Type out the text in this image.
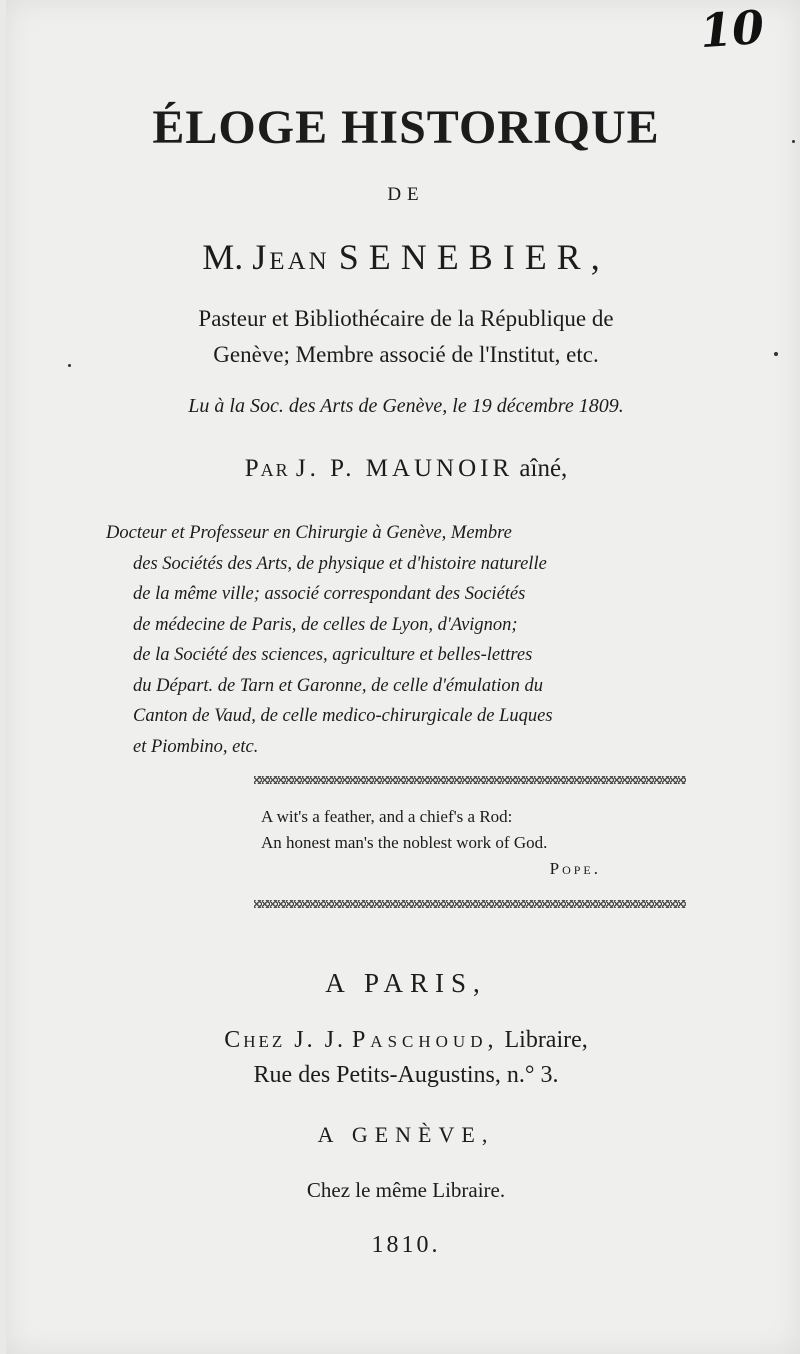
10
ÉLOGE HISTORIQUE
DE
M. Jean SENEBIER,
Pasteur et Bibliothécaire de la République de
Genève; Membre associé de l'Institut, etc.
Lu à la Soc. des Arts de Genève, le 19 décembre 1809.
Par J. P. MAUNOIR aîné,
Docteur et Professeur en Chirurgie à Genève, Membre
des Sociétés des Arts, de physique et d'histoire naturelle
de la même ville; associé correspondant des Sociétés
de médecine de Paris, de celles de Lyon, d'Avignon;
de la Société des sciences, agriculture et belles-lettres
du Départ. de Tarn et Garonne, de celle d'émulation du
Canton de Vaud, de celle medico-chirurgicale de Luques
et Piombino, etc.
A wit's a feather, and a chief's a Rod:
An honest man's the noblest work of God.
Pope.
A PARIS,
Chez J. J. Paschoud, Libraire,
Rue des Petits-Augustins, n.° 3.
A GENÈVE,
Chez le même Libraire.
1810.
